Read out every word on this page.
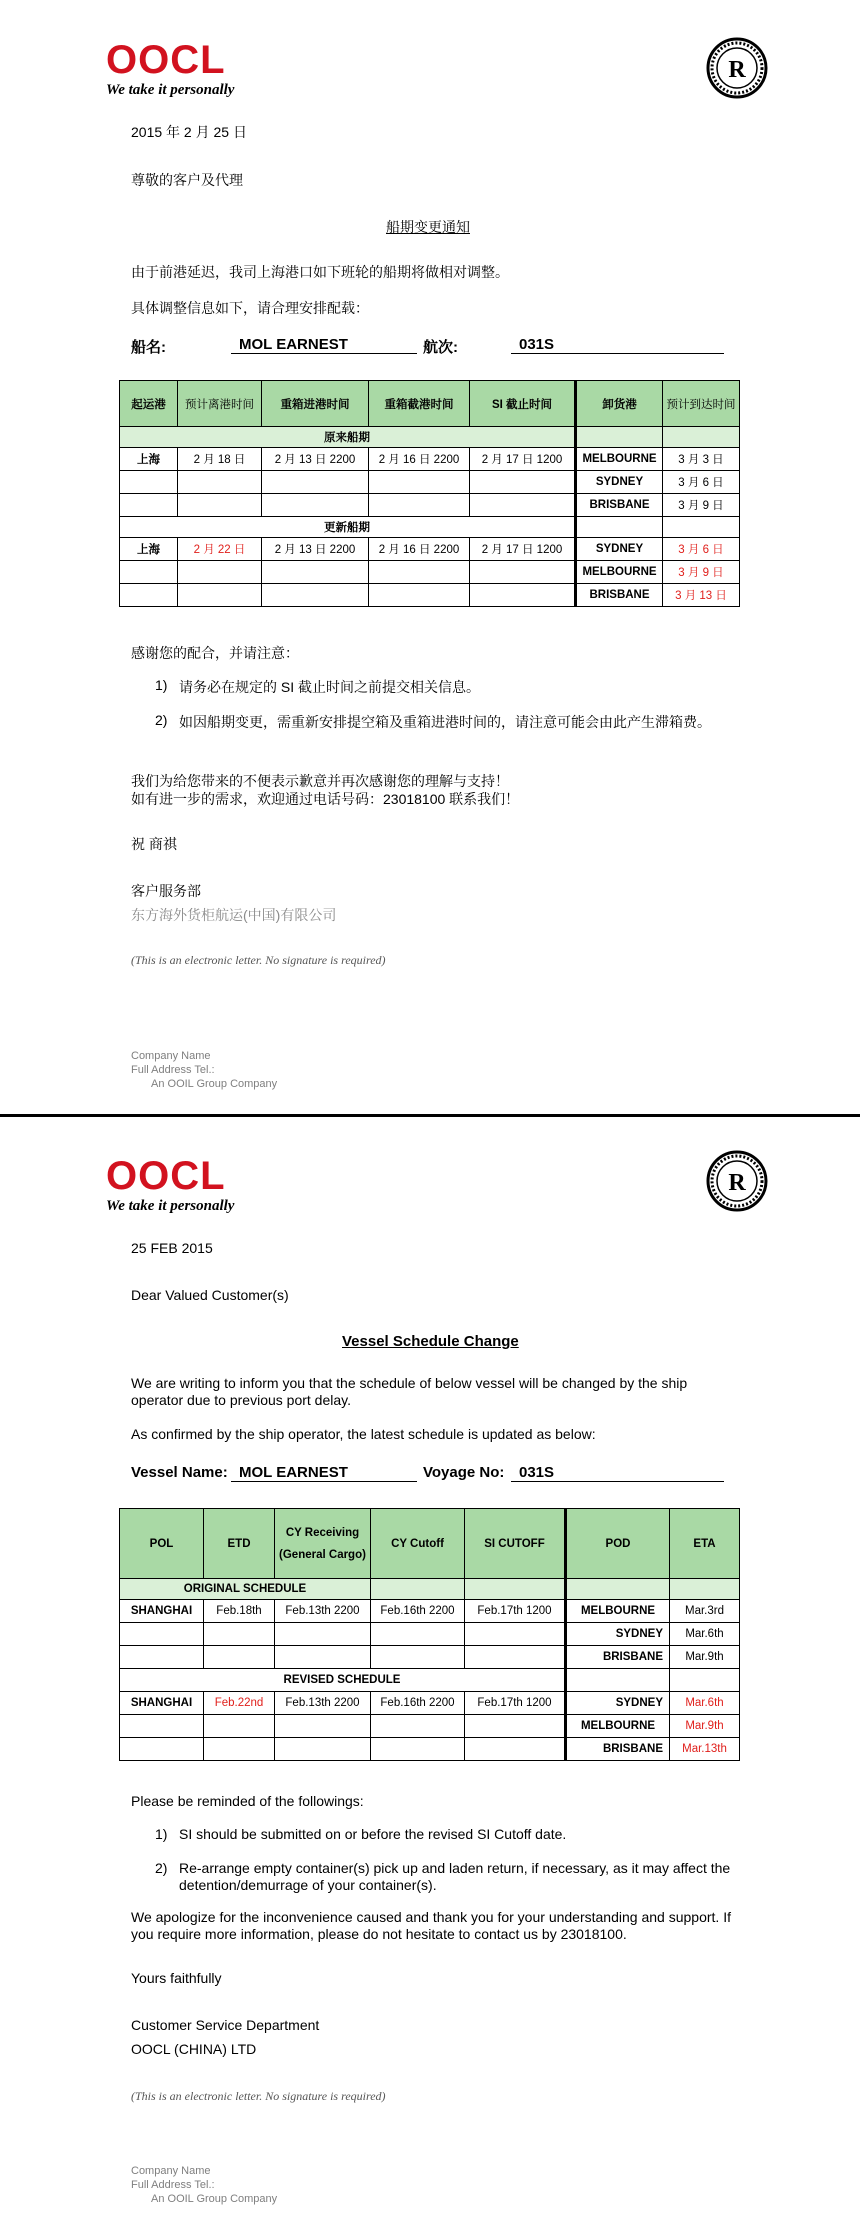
OOCL
We take it personally
R
2015 年 2 月 25 日
尊敬的客户及代理
船期变更通知
由于前港延迟，我司上海港口如下班轮的船期将做相对调整。
具体调整信息如下，请合理安排配载：
船名:	MOL EARNEST	航次:	031S
起运港	预计离港时间	重箱进港时间	重箱截港时间	SI 截止时间	卸货港	预计到达时间
原来船期						
上海	2 月 18 日	2 月 13 日 2200	2 月 16 日 2200	2 月 17 日 1200	MELBOURNE	3 月 3 日
					SYDNEY	3 月 6 日
					BRISBANE	3 月 9 日
更新船期						
上海	2 月 22 日	2 月 13 日 2200	2 月 16 日 2200	2 月 17 日 1200	SYDNEY	3 月 6 日
					MELBOURNE	3 月 9 日
					BRISBANE	3 月 13 日
感谢您的配合，并请注意：
1) 请务必在规定的 SI 截止时间之前提交相关信息。
2) 如因船期变更，需重新安排提空箱及重箱进港时间的，请注意可能会由此产生滞箱费。
我们为给您带来的不便表示歉意并再次感谢您的理解与支持！
如有进一步的需求，欢迎通过电话号码：23018100 联系我们！
祝 商祺
客户服务部
东方海外货柜航运(中国)有限公司
(This is an electronic letter. No signature is required)
Company Name
Full Address Tel.:
An OOIL Group Company
OOCL
We take it personally
R
25 FEB 2015
Dear Valued Customer(s)
Vessel Schedule Change
We are writing to inform you that the schedule of below vessel will be changed by the ship operator due to previous port delay.
As confirmed by the ship operator, the latest schedule is updated as below:
Vessel Name: MOL EARNEST	Voyage No: 031S
POL	ETD	CY Receiving (General Cargo)	CY Cutoff	SI CUTOFF	POD	ETA
ORIGINAL SCHEDULE						
SHANGHAI	Feb.18th	Feb.13th 2200	Feb.16th 2200	Feb.17th 1200	MELBOURNE	Mar.3rd
					SYDNEY	Mar.6th
					BRISBANE	Mar.9th
REVISED SCHEDULE						
SHANGHAI	Feb.22nd	Feb.13th 2200	Feb.16th 2200	Feb.17th 1200	SYDNEY	Mar.6th
					MELBOURNE	Mar.9th
					BRISBANE	Mar.13th
Please be reminded of the followings:
1) SI should be submitted on or before the revised SI Cutoff date.
2) Re-arrange empty container(s) pick up and laden return, if necessary, as it may affect the detention/demurrage of your container(s).
We apologize for the inconvenience caused and thank you for your understanding and support. If you require more information, please do not hesitate to contact us by 23018100.
Yours faithfully
Customer Service Department
OOCL (CHINA) LTD
(This is an electronic letter. No signature is required)
Company Name
Full Address Tel.:
An OOIL Group Company
